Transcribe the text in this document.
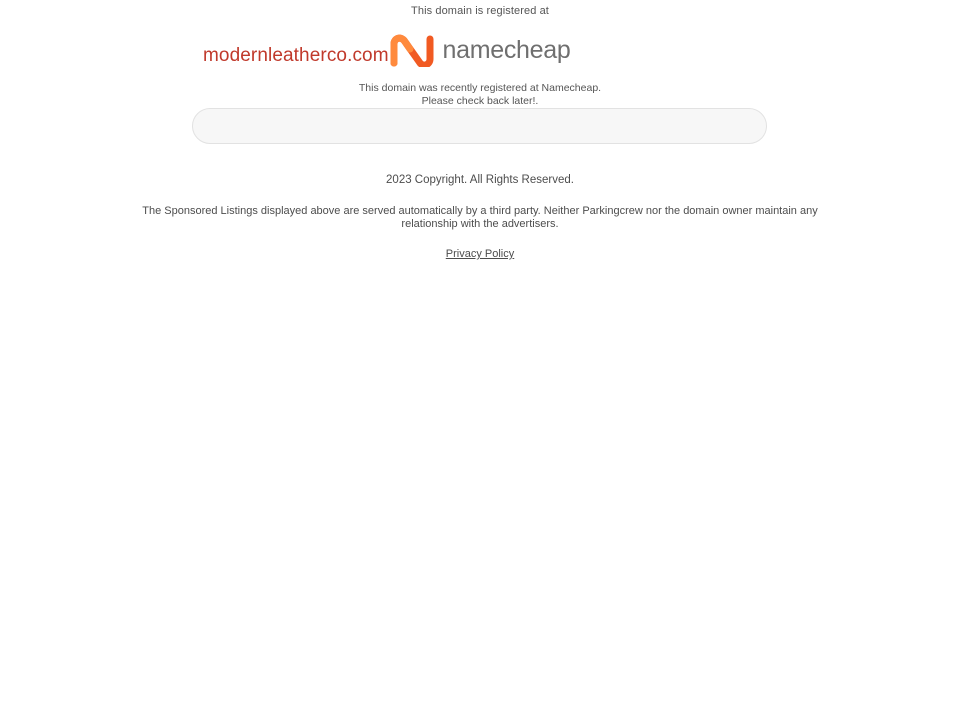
This domain is registered at
namecheap
This domain was recently registered at Namecheap.
Please check back later!.
modernleatherco.com
2023 Copyright. All Rights Reserved.
The Sponsored Listings displayed above are served automatically by a third party. Neither Parkingcrew nor the domain owner maintain any relationship with the advertisers.
Privacy Policy
